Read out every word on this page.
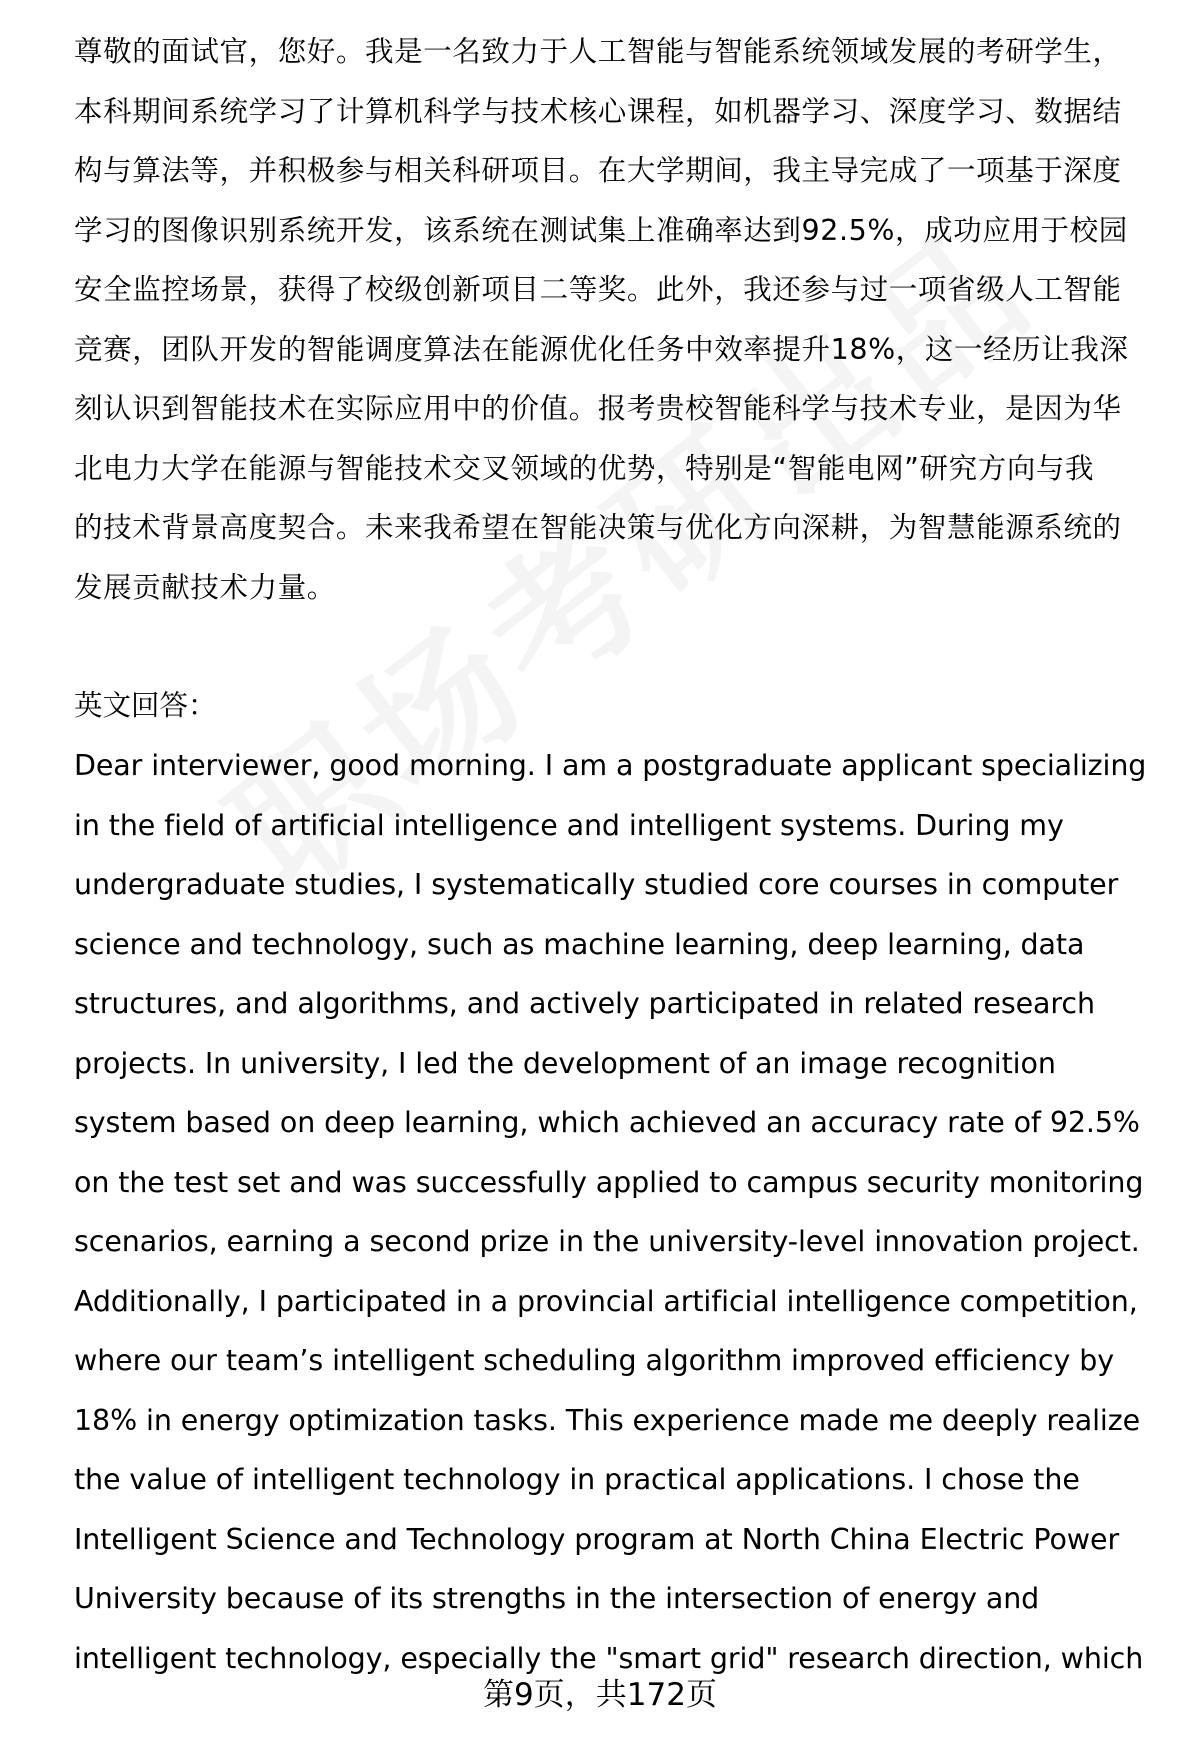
尊敬的面试官，您好。我是一名致力于人工智能与智能系统领域发展的考研学生，
本科期间系统学习了计算机科学与技术核心课程，如机器学习、深度学习、数据结
构与算法等，并积极参与相关科研项目。在大学期间，我主导完成了一项基于深度
学习的图像识别系统开发，该系统在测试集上准确率达到92.5%，成功应用于校园
安全监控场景，获得了校级创新项目二等奖。此外，我还参与过一项省级人工智能
竞赛，团队开发的智能调度算法在能源优化任务中效率提升18%，这一经历让我深
刻认识到智能技术在实际应用中的价值。报考贵校智能科学与技术专业，是因为华
北电力大学在能源与智能技术交叉领域的优势，特别是“智能电网”研究方向与我
的技术背景高度契合。未来我希望在智能决策与优化方向深耕，为智慧能源系统的
发展贡献技术力量。
英文回答：
Dear interviewer, good morning. I am a postgraduate applicant specializing
in the field of artificial intelligence and intelligent systems. During my
undergraduate studies, I systematically studied core courses in computer
science and technology, such as machine learning, deep learning, data
structures, and algorithms, and actively participated in related research
projects. In university, I led the development of an image recognition
system based on deep learning, which achieved an accuracy rate of 92.5%
on the test set and was successfully applied to campus security monitoring
scenarios, earning a second prize in the university-level innovation project.
Additionally, I participated in a provincial artificial intelligence competition,
where our team’s intelligent scheduling algorithm improved efficiency by
18% in energy optimization tasks. This experience made me deeply realize
the value of intelligent technology in practical applications. I chose the
Intelligent Science and Technology program at North China Electric Power
University because of its strengths in the intersection of energy and
intelligent technology, especially the "smart grid" research direction, which
第9页，共172页
